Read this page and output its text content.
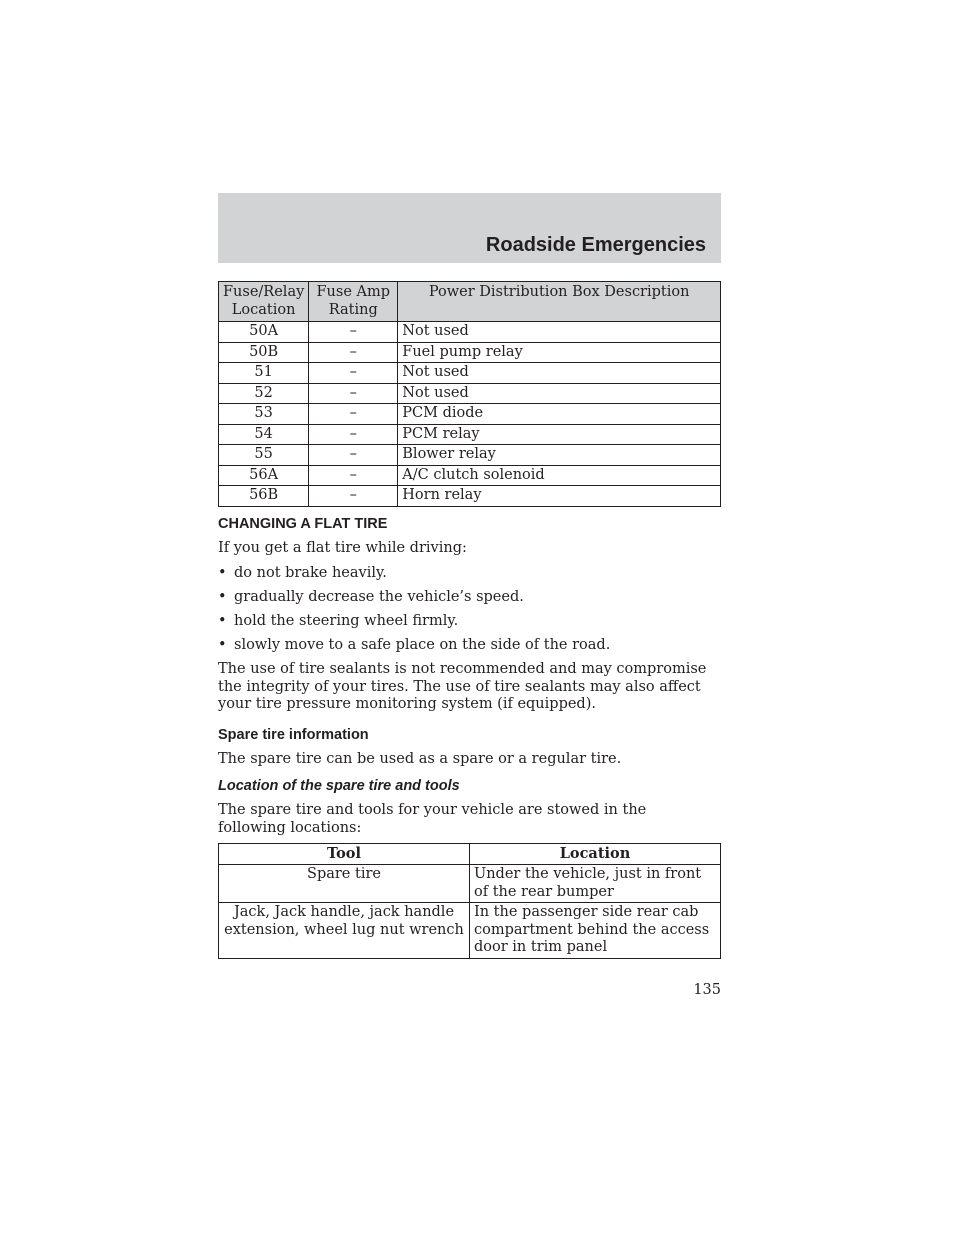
Roadside Emergencies
Fuse/Relay Location	Fuse Amp Rating	Power Distribution Box Description
50A	–	Not used
50B	–	Fuel pump relay
51	–	Not used
52	–	Not used
53	–	PCM diode
54	–	PCM relay
55	–	Blower relay
56A	–	A/C clutch solenoid
56B	–	Horn relay
CHANGING A FLAT TIRE

If you get a flat tire while driving:

• do not brake heavily.
• gradually decrease the vehicle’s speed.
• hold the steering wheel firmly.
• slowly move to a safe place on the side of the road.

The use of tire sealants is not recommended and may compromise the integrity of your tires. The use of tire sealants may also affect your tire pressure monitoring system (if equipped).

Spare tire information

The spare tire can be used as a spare or a regular tire.

Location of the spare tire and tools

The spare tire and tools for your vehicle are stowed in the following locations:

Tool	Location
Spare tire	Under the vehicle, just in front of the rear bumper
Jack, Jack handle, jack handle extension, wheel lug nut wrench	In the passenger side rear cab compartment behind the access door in trim panel
135
